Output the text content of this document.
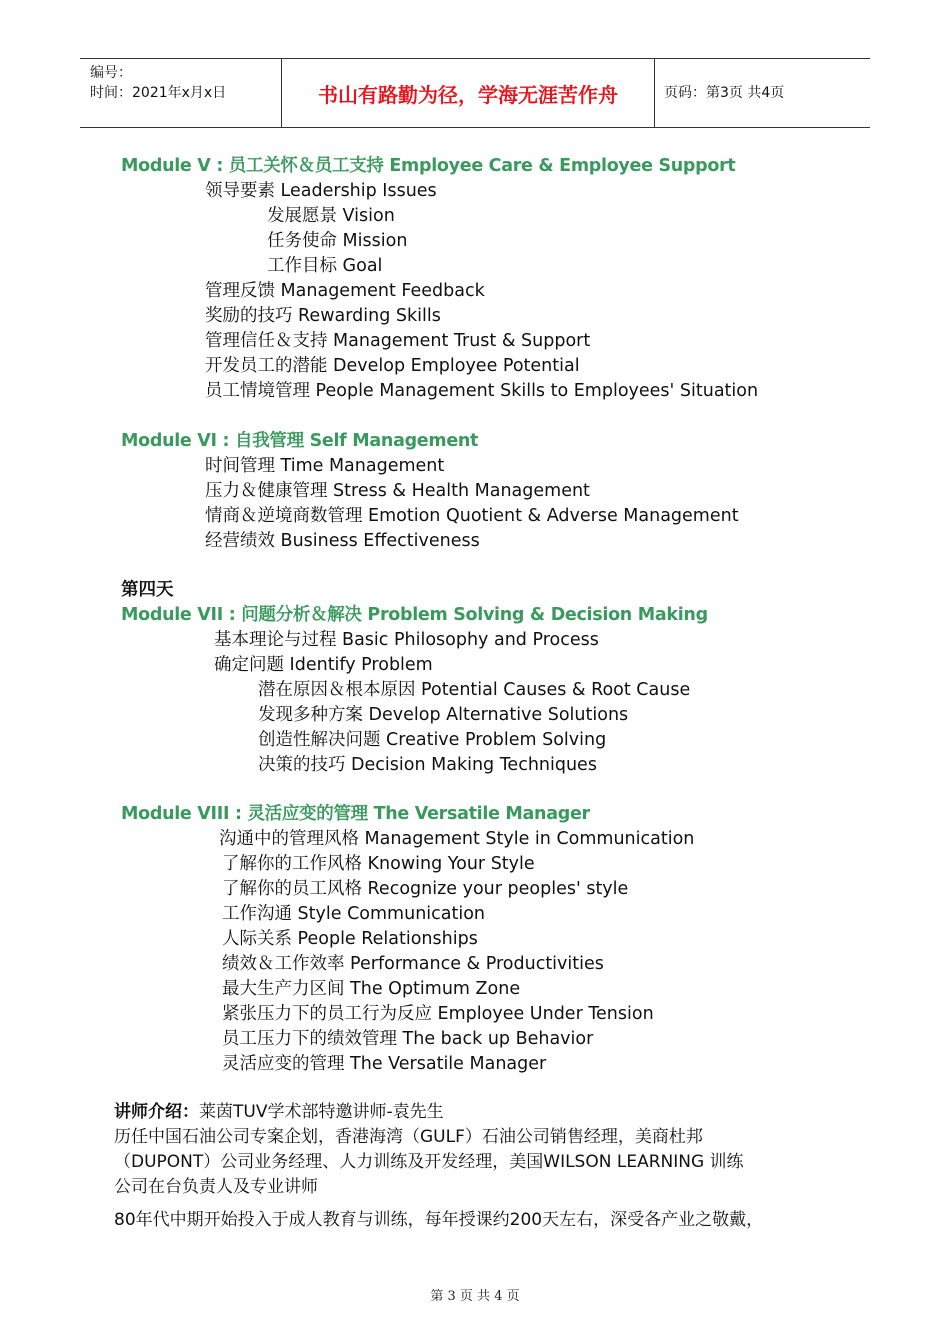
编号：
时间：2021年x月x日	书山有路勤为径，学海无涯苦作舟	页码：第3页 共4页
Module V : 员工关怀＆员工支持 Employee Care & Employee Support
领导要素 Leadership Issues
发展愿景 Vision
任务使命 Mission
工作目标 Goal
管理反馈 Management Feedback
奖励的技巧 Rewarding Skills
管理信任＆支持 Management Trust & Support
开发员工的潜能 Develop Employee Potential
员工情境管理 People Management Skills to Employees' Situation
Module VI : 自我管理 Self Management
时间管理 Time Management
压力＆健康管理 Stress & Health Management
情商＆逆境商数管理 Emotion Quotient & Adverse Management
经营绩效 Business Effectiveness
第四天
Module VII : 问题分析＆解决 Problem Solving & Decision Making
基本理论与过程 Basic Philosophy and Process
确定问题 Identify Problem
潜在原因＆根本原因 Potential Causes & Root Cause
发现多种方案 Develop Alternative Solutions
创造性解决问题 Creative Problem Solving
决策的技巧 Decision Making Techniques
Module VIII : 灵活应变的管理 The Versatile Manager
沟通中的管理风格 Management Style in Communication
了解你的工作风格 Knowing Your Style
了解你的员工风格 Recognize your peoples' style
工作沟通 Style Communication
人际关系 People Relationships
绩效＆工作效率 Performance & Productivities
最大生产力区间 The Optimum Zone
紧张压力下的员工行为反应 Employee Under Tension
员工压力下的绩效管理 The back up Behavior
灵活应变的管理 The Versatile Manager
讲师介绍：莱茵TUV学术部特邀讲师-袁先生
历任中国石油公司专案企划，香港海湾（GULF）石油公司销售经理，美商杜邦
（DUPONT）公司业务经理、人力训练及开发经理，美国WILSON LEARNING 训练
公司在台负责人及专业讲师
80年代中期开始投入于成人教育与训练，每年授课约200天左右，深受各产业之敬戴，
第 3 页 共 4 页
